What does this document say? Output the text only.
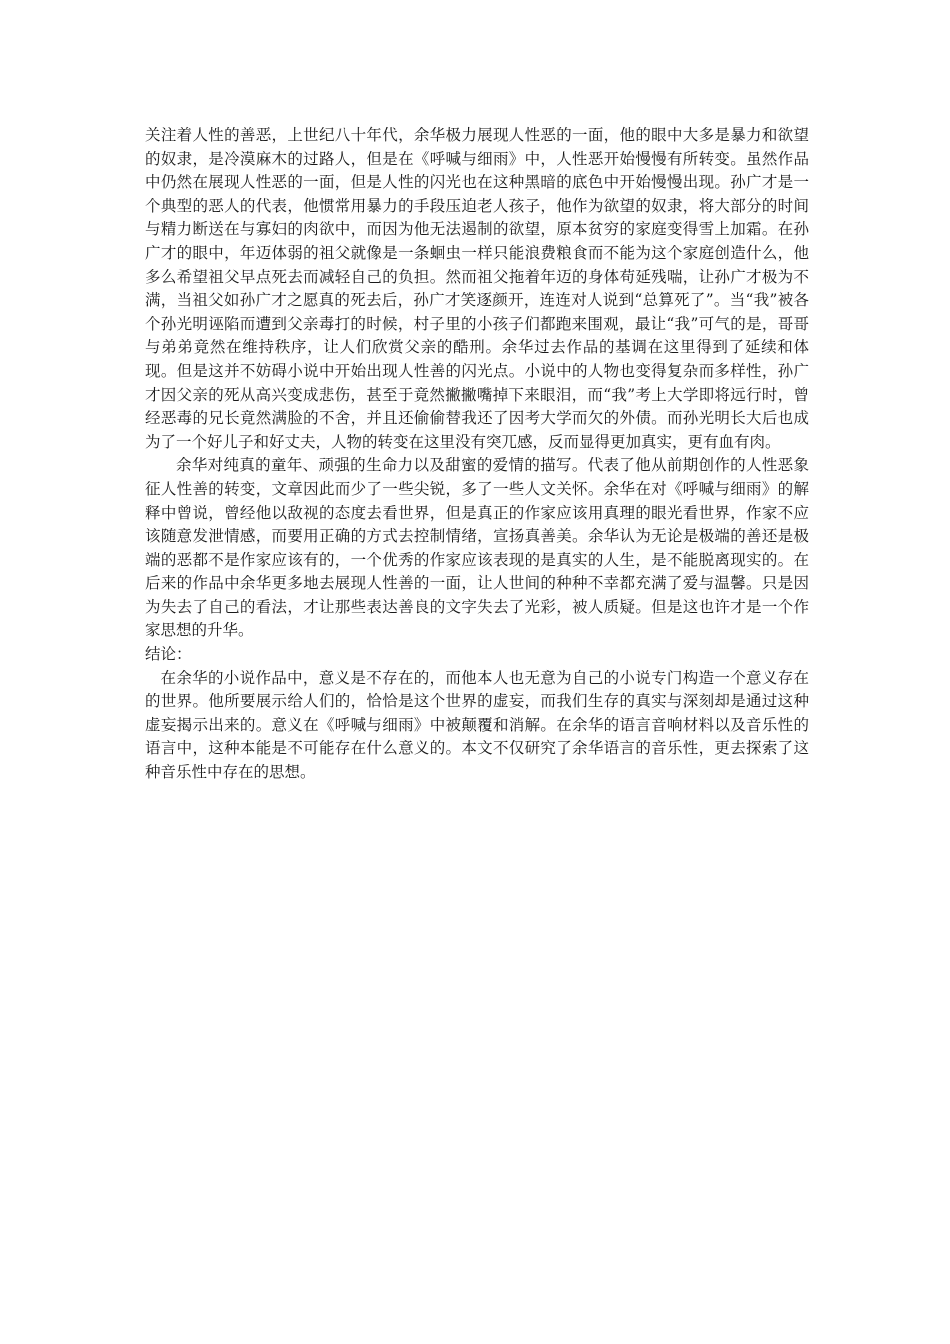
关注着人性的善恶，上世纪八十年代，余华极力展现人性恶的一面，他的眼中大多是暴力和欲望的奴隶，是冷漠麻木的过路人，但是在《呼喊与细雨》中，人性恶开始慢慢有所转变。虽然作品中仍然在展现人性恶的一面，但是人性的闪光也在这种黑暗的底色中开始慢慢出现。孙广才是一个典型的恶人的代表，他惯常用暴力的手段压迫老人孩子，他作为欲望的奴隶，将大部分的时间与精力断送在与寡妇的肉欲中，而因为他无法遏制的欲望，原本贫穷的家庭变得雪上加霜。在孙广才的眼中，年迈体弱的祖父就像是一条蛔虫一样只能浪费粮食而不能为这个家庭创造什么，他多么希望祖父早点死去而减轻自己的负担。然而祖父拖着年迈的身体苟延残喘，让孙广才极为不满，当祖父如孙广才之愿真的死去后，孙广才笑逐颜开，连连对人说到“总算死了”。当“我”被各个孙光明诬陷而遭到父亲毒打的时候，村子里的小孩子们都跑来围观，最让“我”可气的是，哥哥与弟弟竟然在维持秩序，让人们欣赏父亲的酷刑。余华过去作品的基调在这里得到了延续和体现。但是这并不妨碍小说中开始出现人性善的闪光点。小说中的人物也变得复杂而多样性，孙广才因父亲的死从高兴变成悲伤，甚至于竟然撇撇嘴掉下来眼泪，而“我”考上大学即将远行时，曾经恶毒的兄长竟然满脸的不舍，并且还偷偷替我还了因考大学而欠的外债。而孙光明长大后也成为了一个好儿子和好丈夫，人物的转变在这里没有突兀感，反而显得更加真实，更有血有肉。

余华对纯真的童年、顽强的生命力以及甜蜜的爱情的描写。代表了他从前期创作的人性恶象征人性善的转变，文章因此而少了一些尖锐，多了一些人文关怀。余华在对《呼喊与细雨》的解释中曾说，曾经他以敌视的态度去看世界，但是真正的作家应该用真理的眼光看世界，作家不应该随意发泄情感，而要用正确的方式去控制情绪，宣扬真善美。余华认为无论是极端的善还是极端的恶都不是作家应该有的，一个优秀的作家应该表现的是真实的人生，是不能脱离现实的。在后来的作品中余华更多地去展现人性善的一面，让人世间的种种不幸都充满了爱与温馨。只是因为失去了自己的看法，才让那些表达善良的文字失去了光彩，被人质疑。但是这也许才是一个作家思想的升华。

结论：

在余华的小说作品中，意义是不存在的，而他本人也无意为自己的小说专门构造一个意义存在的世界。他所要展示给人们的，恰恰是这个世界的虚妄，而我们生存的真实与深刻却是通过这种虚妄揭示出来的。意义在《呼喊与细雨》中被颠覆和消解。在余华的语言音响材料以及音乐性的语言中，这种本能是不可能存在什么意义的。本文不仅研究了余华语言的音乐性，更去探索了这种音乐性中存在的思想。
